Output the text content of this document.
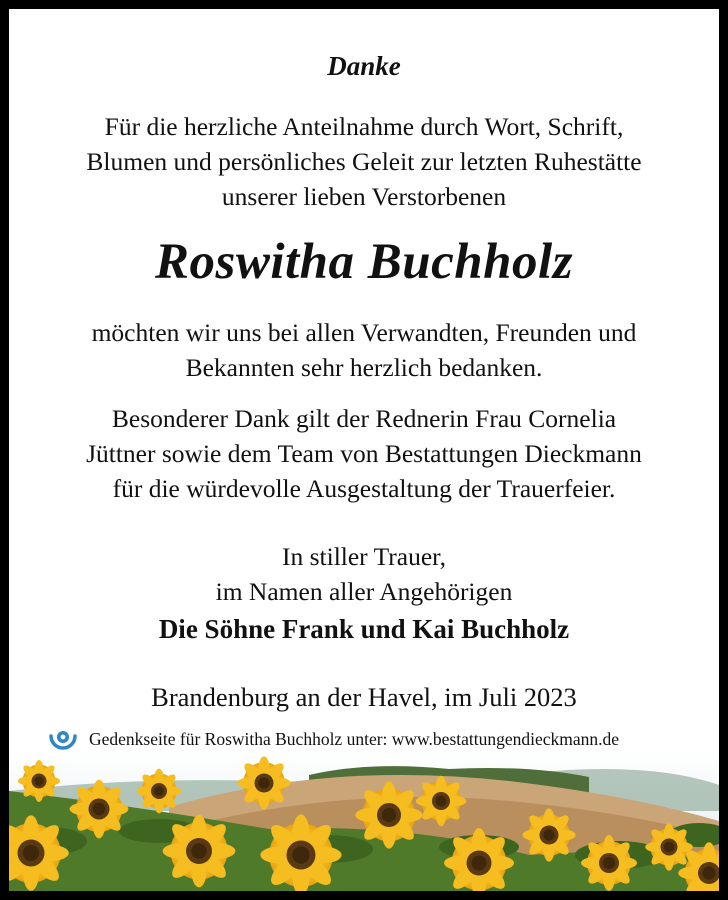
Danke
Für die herzliche Anteilnahme durch Wort, Schrift,
Blumen und persönliches Geleit zur letzten Ruhestätte
unserer lieben Verstorbenen
Roswitha Buchholz
möchten wir uns bei allen Verwandten, Freunden und
Bekannten sehr herzlich bedanken.
Besonderer Dank gilt der Rednerin Frau Cornelia
Jüttner sowie dem Team von Bestattungen Dieckmann
für die würdevolle Ausgestaltung der Trauerfeier.
In stiller Trauer,
im Namen aller Angehörigen
Die Söhne Frank und Kai Buchholz
Brandenburg an der Havel, im Juli 2023
Gedenkseite für Roswitha Buchholz unter: www.bestattungendieckmann.de
